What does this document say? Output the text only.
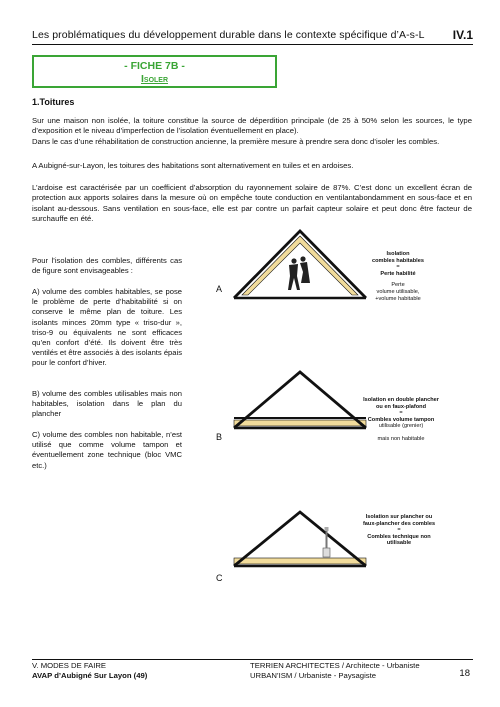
Les problématiques du développement durable dans le contexte spécifique d’A-s-L IV.1
- FICHE 7B -
Isoler
1.Toitures

Sur une maison non isolée, la toiture constitue la source de déperdition principale (de 25 à 50% selon les sources, le type d’exposition et le niveau d’imperfection de l’isolation éventuellement en place).

Dans le cas d’une réhabilitation de construction ancienne, la première mesure à prendre sera donc d’isoler les combles.

A Aubigné-sur-Layon, les toitures des habitations sont alternativement en tuiles et en ardoises.

L’ardoise est caractérisée par un coefficient d’absorption du rayonnement solaire de 87%. C’est donc un excellent écran de protection aux apports solaires dans la mesure où on empêche toute conduction en ventilantabondamment en sous-face et en isolant au-dessous. Sans ventilation en sous-face, elle est par contre un parfait capteur solaire et peut donc être facteur de surchauffe en été.

Pour l’isolation des combles, différents cas de figure sont envisageables :

A) volume des combles habitables, se pose le problème de perte d’habitabilité si on conserve le même plan de toiture. Les isolants minces 20mm type « triso-dur », triso-9 ou équivalents ne sont efficaces qu’en confort d’été. Ils doivent être très ventilés et être associés à des isolants épais pour le confort d’hiver.

B) volume des combles utilisables mais non habitables, isolation dans le plan du plancher

C) volume des combles non habitable, n’est utilisé que comme volume tampon et éventuellement zone technique (bloc VMC etc.)

A
Isolation
combles habitables
=
Perte habilité
Perte
volume utilisable,
+volume habitable
B
Isolation en double plancher
ou en faux-plafond
=
Combles volume tampon
utilisable (grenier)
mais non habitable
C
Isolation sur plancher ou
faux-plancher des combles
=
Combles technique non
utilisable
V. MODES DE FAIRE
AVAP d’Aubigné Sur Layon (49)
TERRIEN ARCHITECTES / Architecte - Urbaniste
URBAN’ISM / Urbaniste - Paysagiste	18
